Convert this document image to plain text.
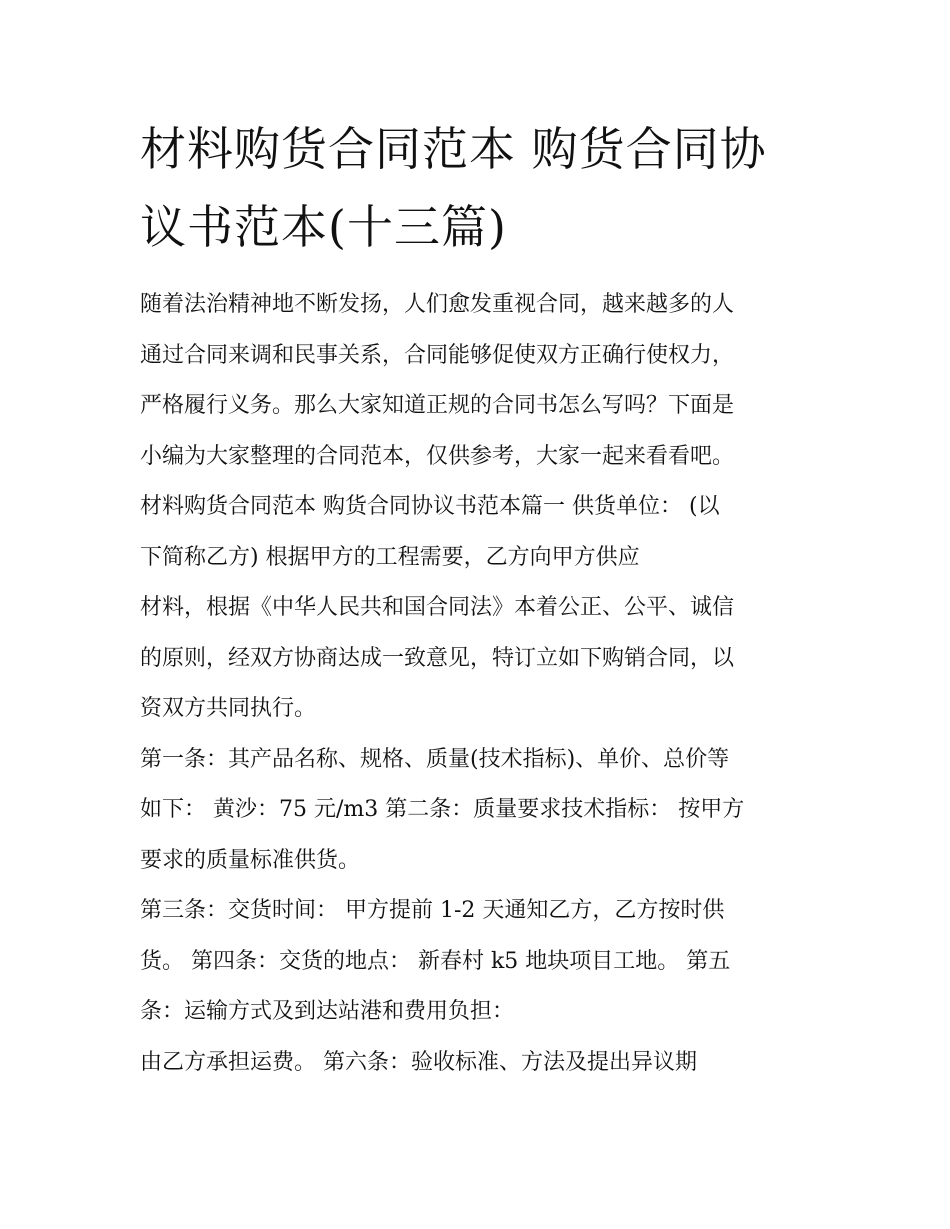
材料购货合同范本 购货合同协
议书范本(十三篇)

随着法治精神地不断发扬，人们愈发重视合同，越来越多的人
通过合同来调和民事关系，合同能够促使双方正确行使权力，
严格履行义务。那么大家知道正规的合同书怎么写吗？下面是
小编为大家整理的合同范本，仅供参考，大家一起来看看吧。

材料购货合同范本 购货合同协议书范本篇一 供货单位： (以
下简称乙方) 根据甲方的工程需要，乙方向甲方供应

材料，根据《中华人民共和国合同法》本着公正、公平、诚信
的原则，经双方协商达成一致意见，特订立如下购销合同，以
资双方共同执行。

第一条：其产品名称、规格、质量(技术指标)、单价、总价等
如下： 黄沙：75 元/m3 第二条：质量要求技术指标： 按甲方
要求的质量标准供货。

第三条：交货时间： 甲方提前 1-2 天通知乙方，乙方按时供
货。 第四条：交货的地点： 新春村 k5 地块项目工地。 第五
条：运输方式及到达站港和费用负担：

由乙方承担运费。 第六条：验收标准、方法及提出异议期
